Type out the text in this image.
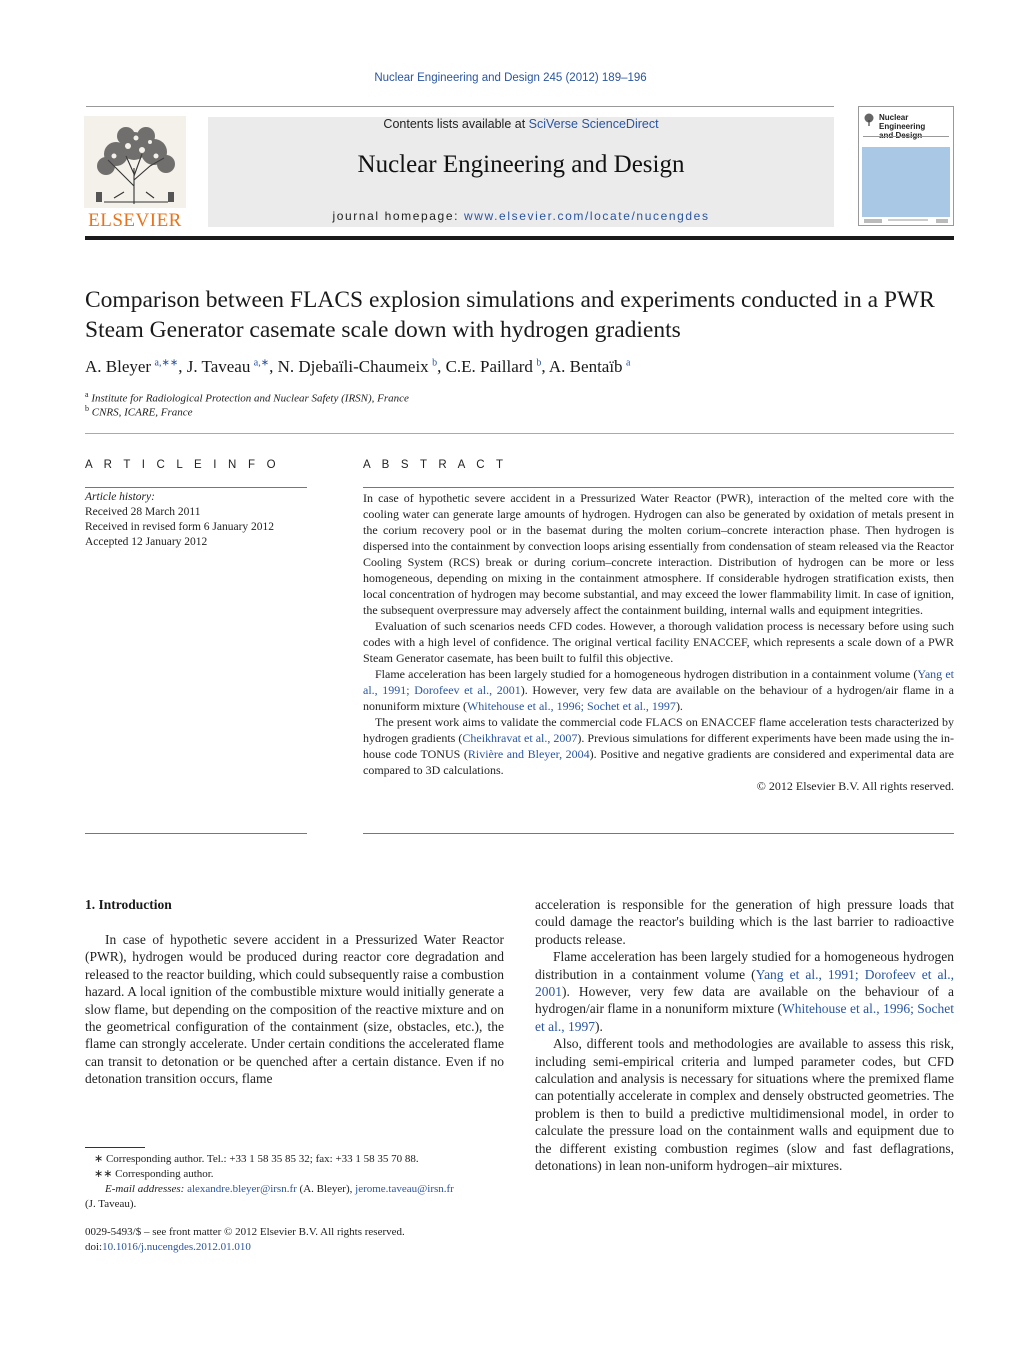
Nuclear Engineering and Design 245 (2012) 189–196
ELSEVIER
Contents lists available at SciVerse ScienceDirect
Nuclear Engineering and Design
journal homepage: www.elsevier.com/locate/nucengdes
Nuclear Engineering
Comparison between FLACS explosion simulations and experiments conducted in a PWR Steam Generator casemate scale down with hydrogen gradients
A. Bleyer  $^{a,∗∗}$, J. Taveau  $^{a,∗}$, N. Djebaïli-Chaumeix  $^b$, C.E. Paillard  $^b$, A. Bentaïb  $^a$
$^a$ Institute for Radiological Protection and Nuclear Safety (IRSN), France
$^b$ CNRS, ICARE, France
A R T I C L E I N F O
Article history:
Received 28 March 2011
Received in revised form 6 January 2012
Accepted 12 January 2012
A B S T R A C T

In case of hypothetic severe accident in a Pressurized Water Reactor (PWR), interaction of the melted core with the cooling water can generate large amounts of hydrogen. Hydrogen can also be generated by oxidation of metals present in the corium recovery pool or in the basemat during the molten corium–concrete interaction phase. Then hydrogen is dispersed into the containment by convection loops arising essentially from condensation of steam released via the Reactor Cooling System (RCS) break or during corium–concrete interaction. Distribution of hydrogen can be more or less homogeneous, depending on mixing in the containment atmosphere. If considerable hydrogen stratification exists, then local concentration of hydrogen may become substantial, and may exceed the lower flammability limit. In case of ignition, the subsequent overpressure may adversely affect the containment building, internal walls and equipment integrities.

Evaluation of such scenarios needs CFD codes. However, a thorough validation process is necessary before using such codes with a high level of confidence. The original vertical facility ENACCEF, which represents a scale down of a PWR Steam Generator casemate, has been built to fulfil this objective.

Flame acceleration has been largely studied for a homogeneous hydrogen distribution in a containment volume (Yang et al., 1991; Dorofeev et al., 2001). However, very few data are available on the behaviour of a hydrogen/air flame in a nonuniform mixture (Whitehouse et al., 1996; Sochet et al., 1997).

The present work aims to validate the commercial code FLACS on ENACCEF flame acceleration tests characterized by hydrogen gradients (Cheikhravat et al., 2007). Previous simulations for different experiments have been made using the in-house code TONUS (Rivière and Bleyer, 2004). Positive and negative gradients are considered and experimental data are compared to 3D calculations.

© 2012 Elsevier B.V. All rights reserved.
1. Introduction

In case of hypothetic severe accident in a Pressurized Water Reactor (PWR), hydrogen would be produced during reactor core degradation and released to the reactor building, which could subsequently raise a combustion hazard. A local ignition of the combustible mixture would initially generate a slow flame, but depending on the composition of the reactive mixture and on the geometrical configuration of the containment (size, obstacles, etc.), the flame can strongly accelerate. Under certain conditions the accelerated flame can transit to detonation or be quenched after a certain distance. Even if no detonation transition occurs, flame

acceleration is responsible for the generation of high pressure loads that could damage the reactor's building which is the last barrier to radioactive products release.

Flame acceleration has been largely studied for a homogeneous hydrogen distribution in a containment volume (Yang et al., 1991; Dorofeev et al., 2001). However, very few data are available on the behaviour of a hydrogen/air flame in a nonuniform mixture (Whitehouse et al., 1996; Sochet et al., 1997).

Also, different tools and methodologies are available to assess this risk, including semi-empirical criteria and lumped parameter codes, but CFD calculation and analysis is necessary for situations where the premixed flame can potentially accelerate in complex and densely obstructed geometries. The problem is then to build a predictive multidimensional model, in order to calculate the pressure load on the containment walls and equipment due to the different existing combustion regimes (slow and fast deflagrations, detonations) in lean non-uniform hydrogen–air mixtures.

∗ Corresponding author. Tel.: +33 1 58 35 85 32; fax: +33 1 58 35 70 88.
∗∗ Corresponding author.
E-mail addresses: alexandre.bleyer@irsn.fr (A. Bleyer), jerome.taveau@irsn.fr
(J. Taveau).
0029-5493/$ – see front matter © 2012 Elsevier B.V. All rights reserved.
doi:10.1016/j.nucengdes.2012.01.010
